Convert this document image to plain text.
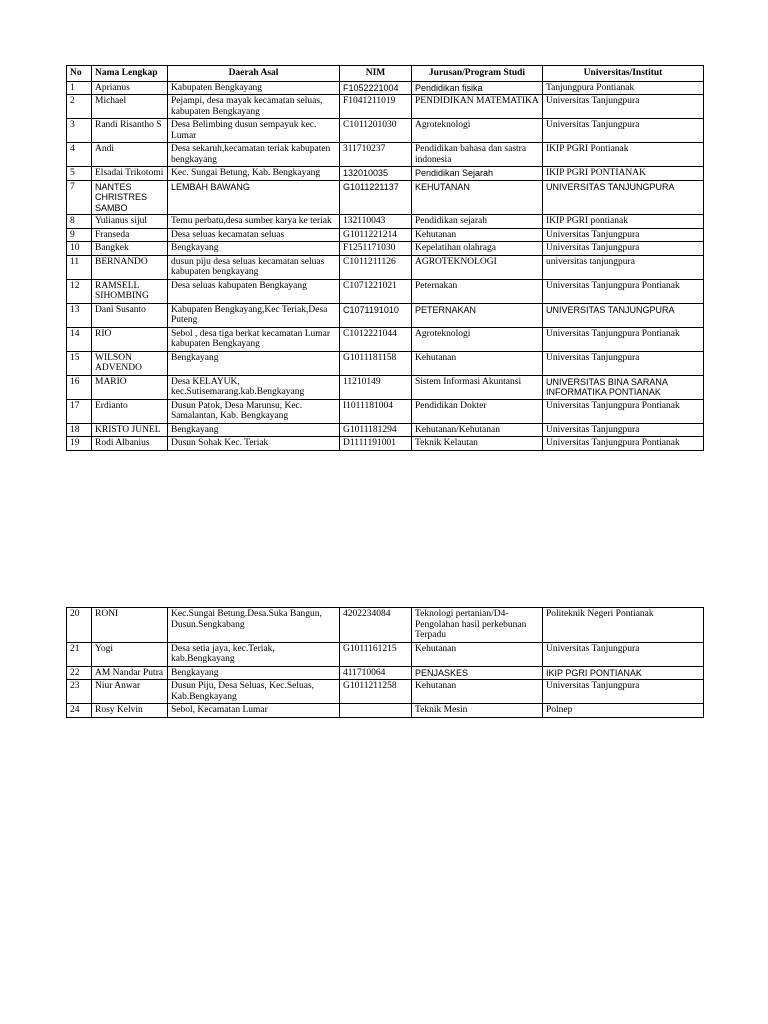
No	Nama Lengkap	Daerah Asal	NIM	Jurusan/Program Studi	Universitas/Institut
1	Aprianus	Kabupaten Bengkayang	F1052221004	Pendidikan fisika	Tanjungpura Pontianak
2	Michael	Pejampi, desa mayak kecamatan seluas, kabupaten Bengkayang	F1041211019	PENDIDIKAN MATEMATIKA	Universitas Tanjungpura
3	Randi Risantho S	Desa Belimbing dusun sempayuk kec. Lumar	C1011201030	Agroteknologi	Universitas Tanjungpura
4	Andi	Desa sekaruh,kecamatan teriak kabupaten bengkayang	311710237	Pendidikan bahasa dan sastra indonesia	IKIP PGRI Pontianak
5	Elsadai Trikotomi	Kec. Sungai Betung, Kab. Bengkayang	132010035	Pendidikan Sejarah	IKIP PGRI PONTIANAK
7	NANTES CHRISTRES SAMBO	LEMBAH BAWANG	G1011221137	KEHUTANAN	UNIVERSITAS TANJUNGPURA
8	Yulianus sijul	Temu perbatu,desa sumber karya ke teriak	132110043	Pendidikan sejarah	IKIP PGRI pontianak
9	Franseda	Desa seluas kecamatan seluas	G1011221214	Kehutanan	Universitas Tanjungpura
10	Bangkek	Bengkayang	F1251171030	Kepelatihan olahraga	Universitas Tanjungpura
11	BERNANDO	dusun piju desa seluas kecamatan seluas kabupaten bengkayang	C1011211126	AGROTEKNOLOGI	universitas tanjungpura
12	RAMSELL SIHOMBING	Desa seluas kabupaten Bengkayang	C1071221021	Peternakan	Universitas Tanjungpura Pontianak
13	Dani Susanto	Kabupaten Bengkayang,Kec Teriak,Desa Puteng	C1071191010	PETERNAKAN	UNIVERSITAS TANJUNGPURA
14	RIO	Sebol , desa tiga berkat kecamatan Lumar kabupaten Bengkayang	C1012221044	Agroteknologi	Universitas Tanjungpura Pontianak
15	WILSON ADVENDO	Bengkayang	G1011181158	Kehutanan	Universitas Tanjungpura
16	MARIO	Desa KELAYUK, kec.Sutisemarang.kab.Bengkayang	11210149	Sistem Informasi Akuntansi	UNIVERSITAS BINA SARANA INFORMATIKA PONTIANAK
17	Erdianto	Dusun Patok, Desa Marunsu, Kec. Samalantan, Kab. Bengkayang	I1011181004	Pendidikan Dokter	Universitas Tanjungpura Pontianak
18	KRISTO JUNEL	Bengkayang	G1011181294	Kehutanan/Kehutanan	Universitas Tanjungpura
19	Rodi Albanius	Dusun Sohak Kec. Teriak	D1111191001	Teknik Kelautan	Universitas Tanjungpura Pontianak
20	RONI	Kec.Sungai Betung.Desa.Suka Bangun, Dusun.Sengkabang	4202234084	Teknologi pertanian/D4-Pengolahan hasil perkebunan Terpadu	Politeknik Negeri Pontianak
21	Yogi	Desa setia jaya, kec.Teriak, kab.Bengkayang	G1011161215	Kehutanan	Universitas Tanjungpura
22	AM Nandar Putra	Bengkayang	411710064	PENJASKES	IKIP PGRI PONTIANAK
23	Niur Anwar	Dusun Piju, Desa Seluas, Kec.Seluas, Kab.Bengkayang	G1011211258	Kehutanan	Universitas Tanjungpura
24	Rosy Kelvin	Sebol, Kecamatan Lumar		Teknik Mesin	Polnep
